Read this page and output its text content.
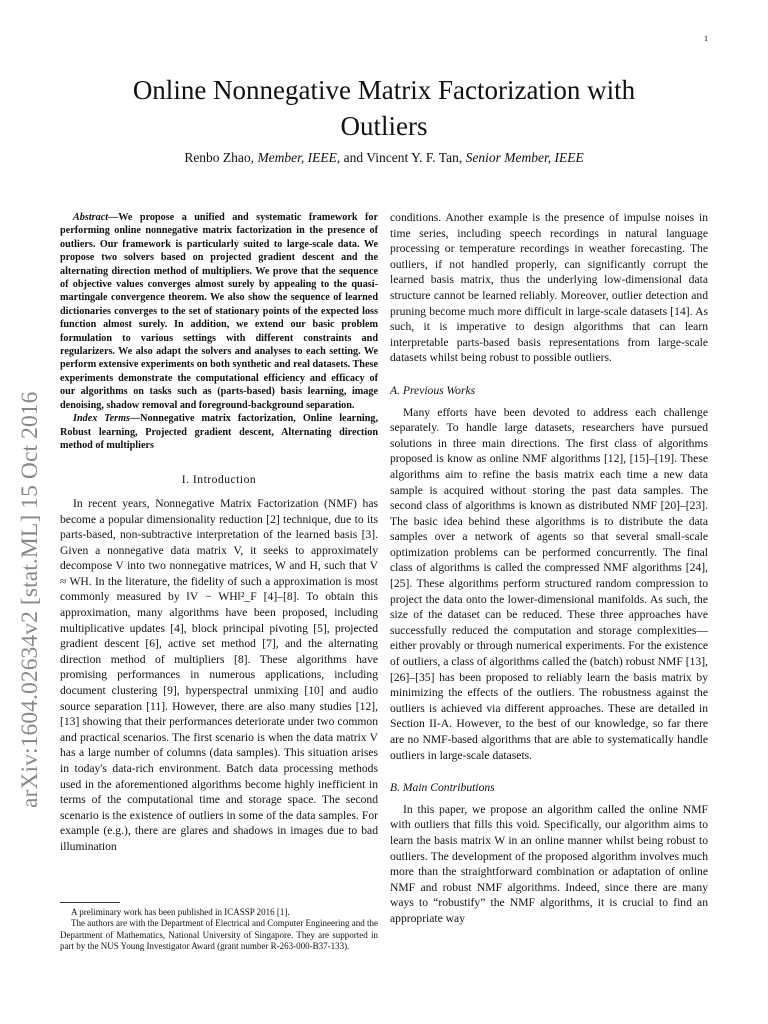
1
arXiv:1604.02634v2 [stat.ML] 15 Oct 2016
Online Nonnegative Matrix Factorization with
Outliers
Renbo Zhao, Member, IEEE, and Vincent Y. F. Tan, Senior Member, IEEE

Abstract—We propose a unified and systematic framework for performing online nonnegative matrix factorization in the presence of outliers. Our framework is particularly suited to large-scale data. We propose two solvers based on projected gradient descent and the alternating direction method of multipliers. We prove that the sequence of objective values converges almost surely by appealing to the quasi-martingale convergence theorem. We also show the sequence of learned dictionaries converges to the set of stationary points of the expected loss function almost surely. In addition, we extend our basic problem formulation to various settings with different constraints and regularizers. We also adapt the solvers and analyses to each setting. We perform extensive experiments on both synthetic and real datasets. These experiments demonstrate the computational efficiency and efficacy of our algorithms on tasks such as (parts-based) basis learning, image denoising, shadow removal and foreground-background separation.

Index Terms—Nonnegative matrix factorization, Online learning, Robust learning, Projected gradient descent, Alternating direction method of multipliers

I. Introduction

In recent years, Nonnegative Matrix Factorization (NMF) has become a popular dimensionality reduction [2] technique, due to its parts-based, non-subtractive interpretation of the learned basis [3]. Given a nonnegative data matrix V, it seeks to approximately decompose V into two nonnegative matrices, W and H, such that V ≈ WH. In the literature, the fidelity of such a approximation is most commonly measured by ‖V − WH‖²_F [4]–[8]. To obtain this approximation, many algorithms have been proposed, including multiplicative updates [4], block principal pivoting [5], projected gradient descent [6], active set method [7], and the alternating direction method of multipliers [8]. These algorithms have promising performances in numerous applications, including document clustering [9], hyperspectral unmixing [10] and audio source separation [11]. However, there are also many studies [12], [13] showing that their performances deteriorate under two common and practical scenarios. The first scenario is when the data matrix V has a large number of columns (data samples). This situation arises in today's data-rich environment. Batch data processing methods used in the aforementioned algorithms become highly inefficient in terms of the computational time and storage space. The second scenario is the existence of outliers in some of the data samples. For example (e.g.), there are glares and shadows in images due to bad illumination

A preliminary work has been published in ICASSP 2016 [1].

The authors are with the Department of Electrical and Computer Engineering and the Department of Mathematics, National University of Singapore. They are supported in part by the NUS Young Investigator Award (grant number R-263-000-B37-133).

conditions. Another example is the presence of impulse noises in time series, including speech recordings in natural language processing or temperature recordings in weather forecasting. The outliers, if not handled properly, can significantly corrupt the learned basis matrix, thus the underlying low-dimensional data structure cannot be learned reliably. Moreover, outlier detection and pruning become much more difficult in large-scale datasets [14]. As such, it is imperative to design algorithms that can learn interpretable parts-based basis representations from large-scale datasets whilst being robust to possible outliers.

A. Previous Works

Many efforts have been devoted to address each challenge separately. To handle large datasets, researchers have pursued solutions in three main directions. The first class of algorithms proposed is know as online NMF algorithms [12], [15]–[19]. These algorithms aim to refine the basis matrix each time a new data sample is acquired without storing the past data samples. The second class of algorithms is known as distributed NMF [20]–[23]. The basic idea behind these algorithms is to distribute the data samples over a network of agents so that several small-scale optimization problems can be performed concurrently. The final class of algorithms is called the compressed NMF algorithms [24], [25]. These algorithms perform structured random compression to project the data onto the lower-dimensional manifolds. As such, the size of the dataset can be reduced. These three approaches have successfully reduced the computation and storage complexities—either provably or through numerical experiments. For the existence of outliers, a class of algorithms called the (batch) robust NMF [13], [26]–[35] has been proposed to reliably learn the basis matrix by minimizing the effects of the outliers. The robustness against the outliers is achieved via different approaches. These are detailed in Section II-A. However, to the best of our knowledge, so far there are no NMF-based algorithms that are able to systematically handle outliers in large-scale datasets.

B. Main Contributions

In this paper, we propose an algorithm called the online NMF with outliers that fills this void. Specifically, our algorithm aims to learn the basis matrix W in an online manner whilst being robust to outliers. The development of the proposed algorithm involves much more than the straightforward combination or adaptation of online NMF and robust NMF algorithms. Indeed, since there are many ways to “robustify” the NMF algorithms, it is crucial to find an appropriate way
